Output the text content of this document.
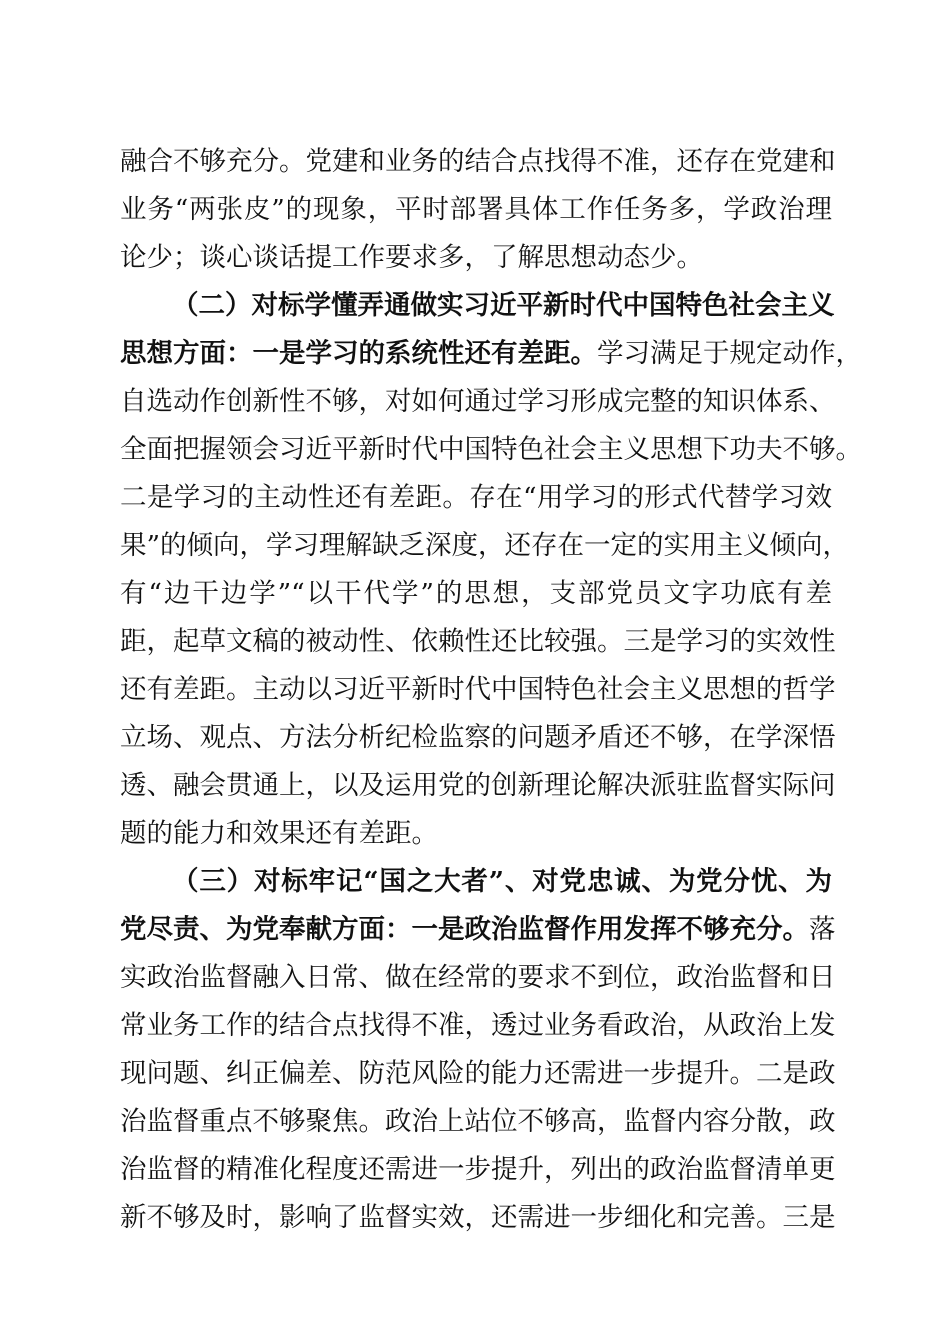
融合不够充分。党建和业务的结合点找得不准，还存在党建和
业务“两张皮”的现象，平时部署具体工作任务多，学政治理
论少；谈心谈话提工作要求多，了解思想动态少。
（二）对标学懂弄通做实习近平新时代中国特色社会主义
思想方面：一是学习的系统性还有差距。学习满足于规定动作，
自选动作创新性不够，对如何通过学习形成完整的知识体系、
全面把握领会习近平新时代中国特色社会主义思想下功夫不够。
二是学习的主动性还有差距。存在“用学习的形式代替学习效
果”的倾向，学习理解缺乏深度，还存在一定的实用主义倾向，
有“边干边学”“以干代学”的思想，支部党员文字功底有差
距，起草文稿的被动性、依赖性还比较强。三是学习的实效性
还有差距。主动以习近平新时代中国特色社会主义思想的哲学
立场、观点、方法分析纪检监察的问题矛盾还不够，在学深悟
透、融会贯通上，以及运用党的创新理论解决派驻监督实际问
题的能力和效果还有差距。
（三）对标牢记“国之大者”、对党忠诚、为党分忧、为
党尽责、为党奉献方面：一是政治监督作用发挥不够充分。落
实政治监督融入日常、做在经常的要求不到位，政治监督和日
常业务工作的结合点找得不准，透过业务看政治，从政治上发
现问题、纠正偏差、防范风险的能力还需进一步提升。二是政
治监督重点不够聚焦。政治上站位不够高，监督内容分散，政
治监督的精准化程度还需进一步提升，列出的政治监督清单更
新不够及时，影响了监督实效，还需进一步细化和完善。三是
